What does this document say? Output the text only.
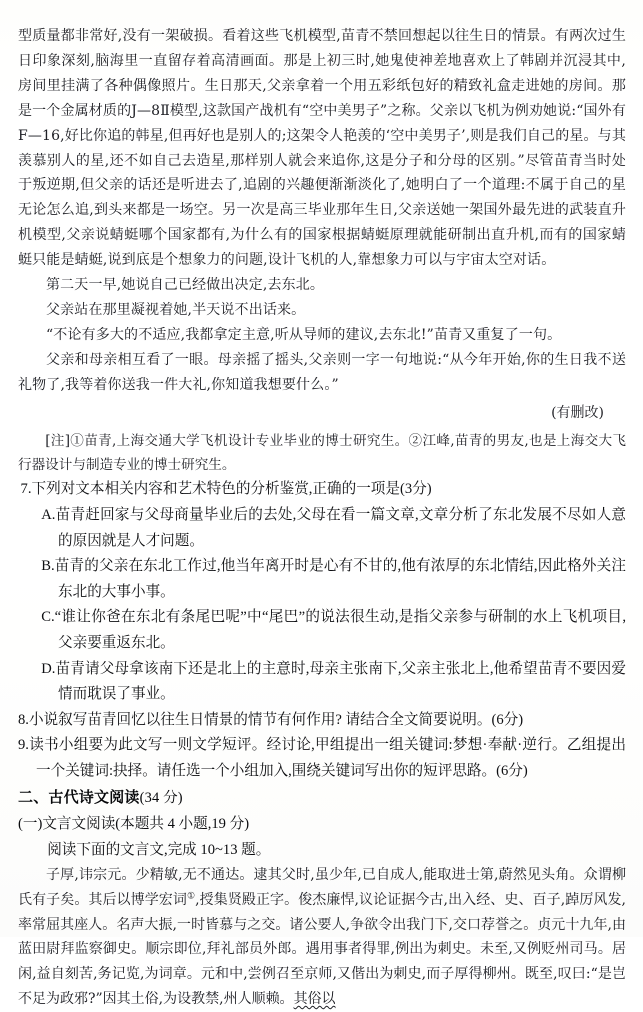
型质量都非常好,没有一架破损。看着这些飞机模型,苗青不禁回想起以往生日的情景。有两次过生日印象深刻,脑海里一直留存着高清画面。那是上初三时,她鬼使神差地喜欢上了韩剧并沉浸其中,房间里挂满了各种偶像照片。生日那天,父亲拿着一个用五彩纸包好的精致礼盒走进她的房间。那是一个金属材质的J—8Ⅱ模型,这款国产战机有“空中美男子”之称。父亲以飞机为例劝她说:“国外有F—16,好比你追的韩星,但再好也是别人的;这架令人艳羡的‘空中美男子’,则是我们自己的星。与其羡慕别人的星,还不如自己去造星,那样别人就会来追你,这是分子和分母的区别。”尽管苗青当时处于叛逆期,但父亲的话还是听进去了,追剧的兴趣便渐渐淡化了,她明白了一个道理:不属于自己的星无论怎么追,到头来都是一场空。另一次是高三毕业那年生日,父亲送她一架国外最先进的武装直升机模型,父亲说蜻蜓哪个国家都有,为什么有的国家根据蜻蜓原理就能研制出直升机,而有的国家蜻蜓只能是蜻蜓,说到底是个想象力的问题,设计飞机的人,靠想象力可以与宇宙太空对话。

第二天一早,她说自己已经做出决定,去东北。

父亲站在那里凝视着她,半天说不出话来。

“不论有多大的不适应,我都拿定主意,听从导师的建议,去东北!”苗青又重复了一句。

父亲和母亲相互看了一眼。母亲摇了摇头,父亲则一字一句地说:“从今年开始,你的生日我不送礼物了,我等着你送我一件大礼,你知道我想要什么。”

(有删改)

[注]①苗青,上海交通大学飞机设计专业毕业的博士研究生。②江峰,苗青的男友,也是上海交大飞行器设计与制造专业的博士研究生。

7.下列对文本相关内容和艺术特色的分析鉴赏,正确的一项是(3分)

A.苗青赶回家与父母商量毕业后的去处,父母在看一篇文章,文章分析了东北发展不尽如人意的原因就是人才问题。

B.苗青的父亲在东北工作过,他当年离开时是心有不甘的,他有浓厚的东北情结,因此格外关注东北的大事小事。

C.“谁让你爸在东北有条尾巴呢”中“尾巴”的说法很生动,是指父亲参与研制的水上飞机项目,父亲要重返东北。

D.苗青请父母拿该南下还是北上的主意时,母亲主张南下,父亲主张北上,他希望苗青不要因爱情而耽误了事业。

8.小说叙写苗青回忆以往生日情景的情节有何作用? 请结合全文简要说明。(6分)

9.读书小组要为此文写一则文学短评。经讨论,甲组提出一组关键词:梦想·奉献·逆行。乙组提出一个关键词:抉择。请任选一个小组加入,围绕关键词写出你的短评思路。(6分)

二、古代诗文阅读(34 分)

(一)文言文阅读(本题共 4 小题,19 分)

阅读下面的文言文,完成 10~13 题。

子厚,讳宗元。少精敏,无不通达。逮其父时,虽少年,已自成人,能取进士第,蔚然见头角。众谓柳氏有子矣。其后以博学宏词①,授集贤殿正字。俊杰廉悍,议论证据今古,出入经、史、百子,踔厉风发,率常屈其座人。名声大振,一时皆慕与之交。诸公要人,争欲令出我门下,交口荐誉之。贞元十九年,由蓝田尉拜监察御史。顺宗即位,拜礼部员外郎。遇用事者得罪,例出为刺史。未至,又例贬州司马。居闲,益自刻苦,务记览,为词章。元和中,尝例召至京师,又偕出为刺史,而子厚得柳州。既至,叹曰:“是岂不足为政邪?”因其土俗,为设教禁,州人顺赖。其俗以
